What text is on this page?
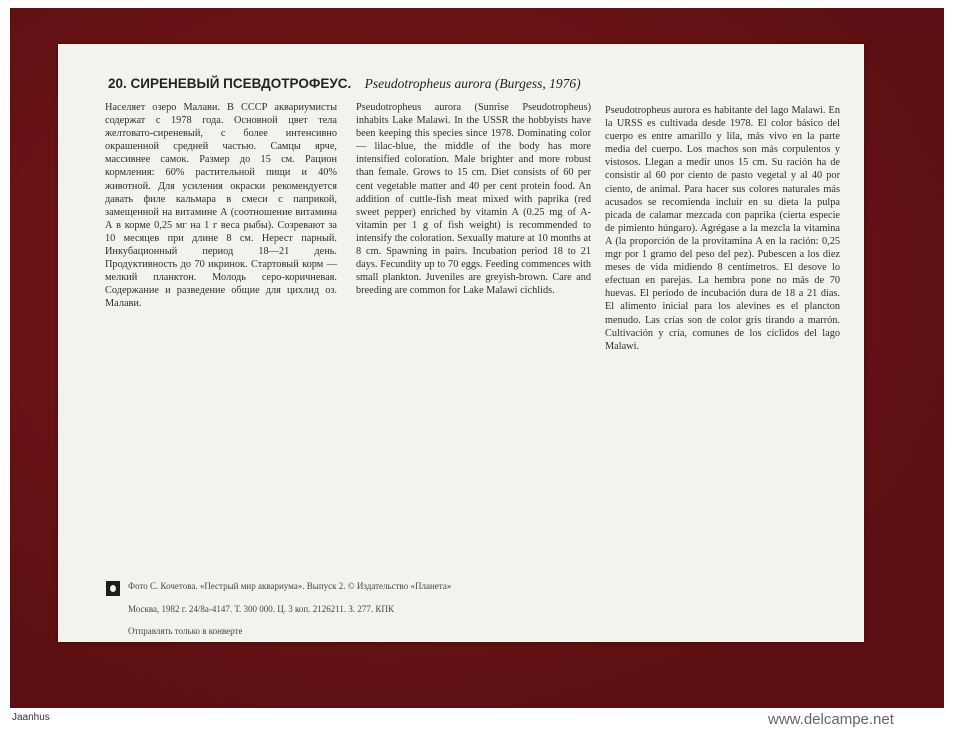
20. СИРЕНЕВЫЙ ПСЕВДОТРОФЕУС. Pseudotropheus aurora (Burgess, 1976)
Населяет озеро Малави. В СССР аквариумисты содержат с 1978 года. Основной цвет тела желтовато-сиреневый, с более интенсивно окрашенной средней частью. Самцы ярче, массивнее самок. Размер до 15 см. Рацион кормления: 60% растительной пищи и 40% животной. Для усиления окраски рекомендуется давать филе кальмара в смеси с паприкой, замещенной на витамине А (соотношение витамина А в корме 0,25 мг на 1 г веса рыбы). Созревают за 10 месяцев при длине 8 см. Нерест парный. Инкубационный период 18—21 день. Продуктивность до 70 икринок. Стартовый корм — мелкий планктон. Молодь серо-коричневая. Содержание и разведение общие для цихлид оз. Малави.
Pseudotropheus aurora (Sunrise Pseudotropheus) inhabits Lake Malawi. In the USSR the hobbyists have been keeping this species since 1978. Dominating color — lilac-blue, the middle of the body has more intensified coloration. Male brighter and more robust than female. Grows to 15 cm. Diet consists of 60 per cent vegetable matter and 40 per cent protein food. An addition of cuttle-fish meat mixed with paprika (red sweet pepper) enriched by vitamin A (0.25 mg of A-vitamin per 1 g of fish weight) is recommended to intensify the coloration. Sexually mature at 10 months at 8 cm. Spawning in pairs. Incubation period 18 to 21 days. Fecundity up to 70 eggs. Feeding commences with small plankton. Juveniles are greyish-brown. Care and breeding are common for Lake Malawi cichlids.
Pseudotropheus aurora es habitante del lago Malawi. En la URSS es cultivada desde 1978. El color básico del cuerpo es entre amarillo y lila, más vivo en la parte media del cuerpo. Los machos son más corpulentos y vistosos. Llegan a medir unos 15 cm. Su ración ha de consistir al 60 por ciento de pasto vegetal y al 40 por ciento, de animal. Para hacer sus colores naturales más acusados se recomienda incluir en su dieta la pulpa picada de calamar mezcada con paprika (cierta especie de pimiento húngaro). Agrégase a la mezcla la vitamina A (la proporción de la provitamina A en la ración: 0,25 mgr por 1 gramo del peso del pez). Pubescen a los diez meses de vida midiendo 8 centímetros. El desove lo efectuan en parejas. La hembra pone no más de 70 huevas. El período de incubación dura de 18 a 21 días. El alimento inicial para los alevines es el plancton menudo. Las crías son de color gris tirando a marrón. Cultivación y cría, comunes de los cíclidos del lago Malawi.

Фото С. Кочетова. «Пестрый мир аквариума». Выпуск 2. © Издательство «Планета»

Москва, 1982 г. 24/8а-4147. Т. 300 000. Ц. 3 коп. 2126211. З. 277. КПК

Отправлять только в конверте

Jaanhus	www.delcampe.net
